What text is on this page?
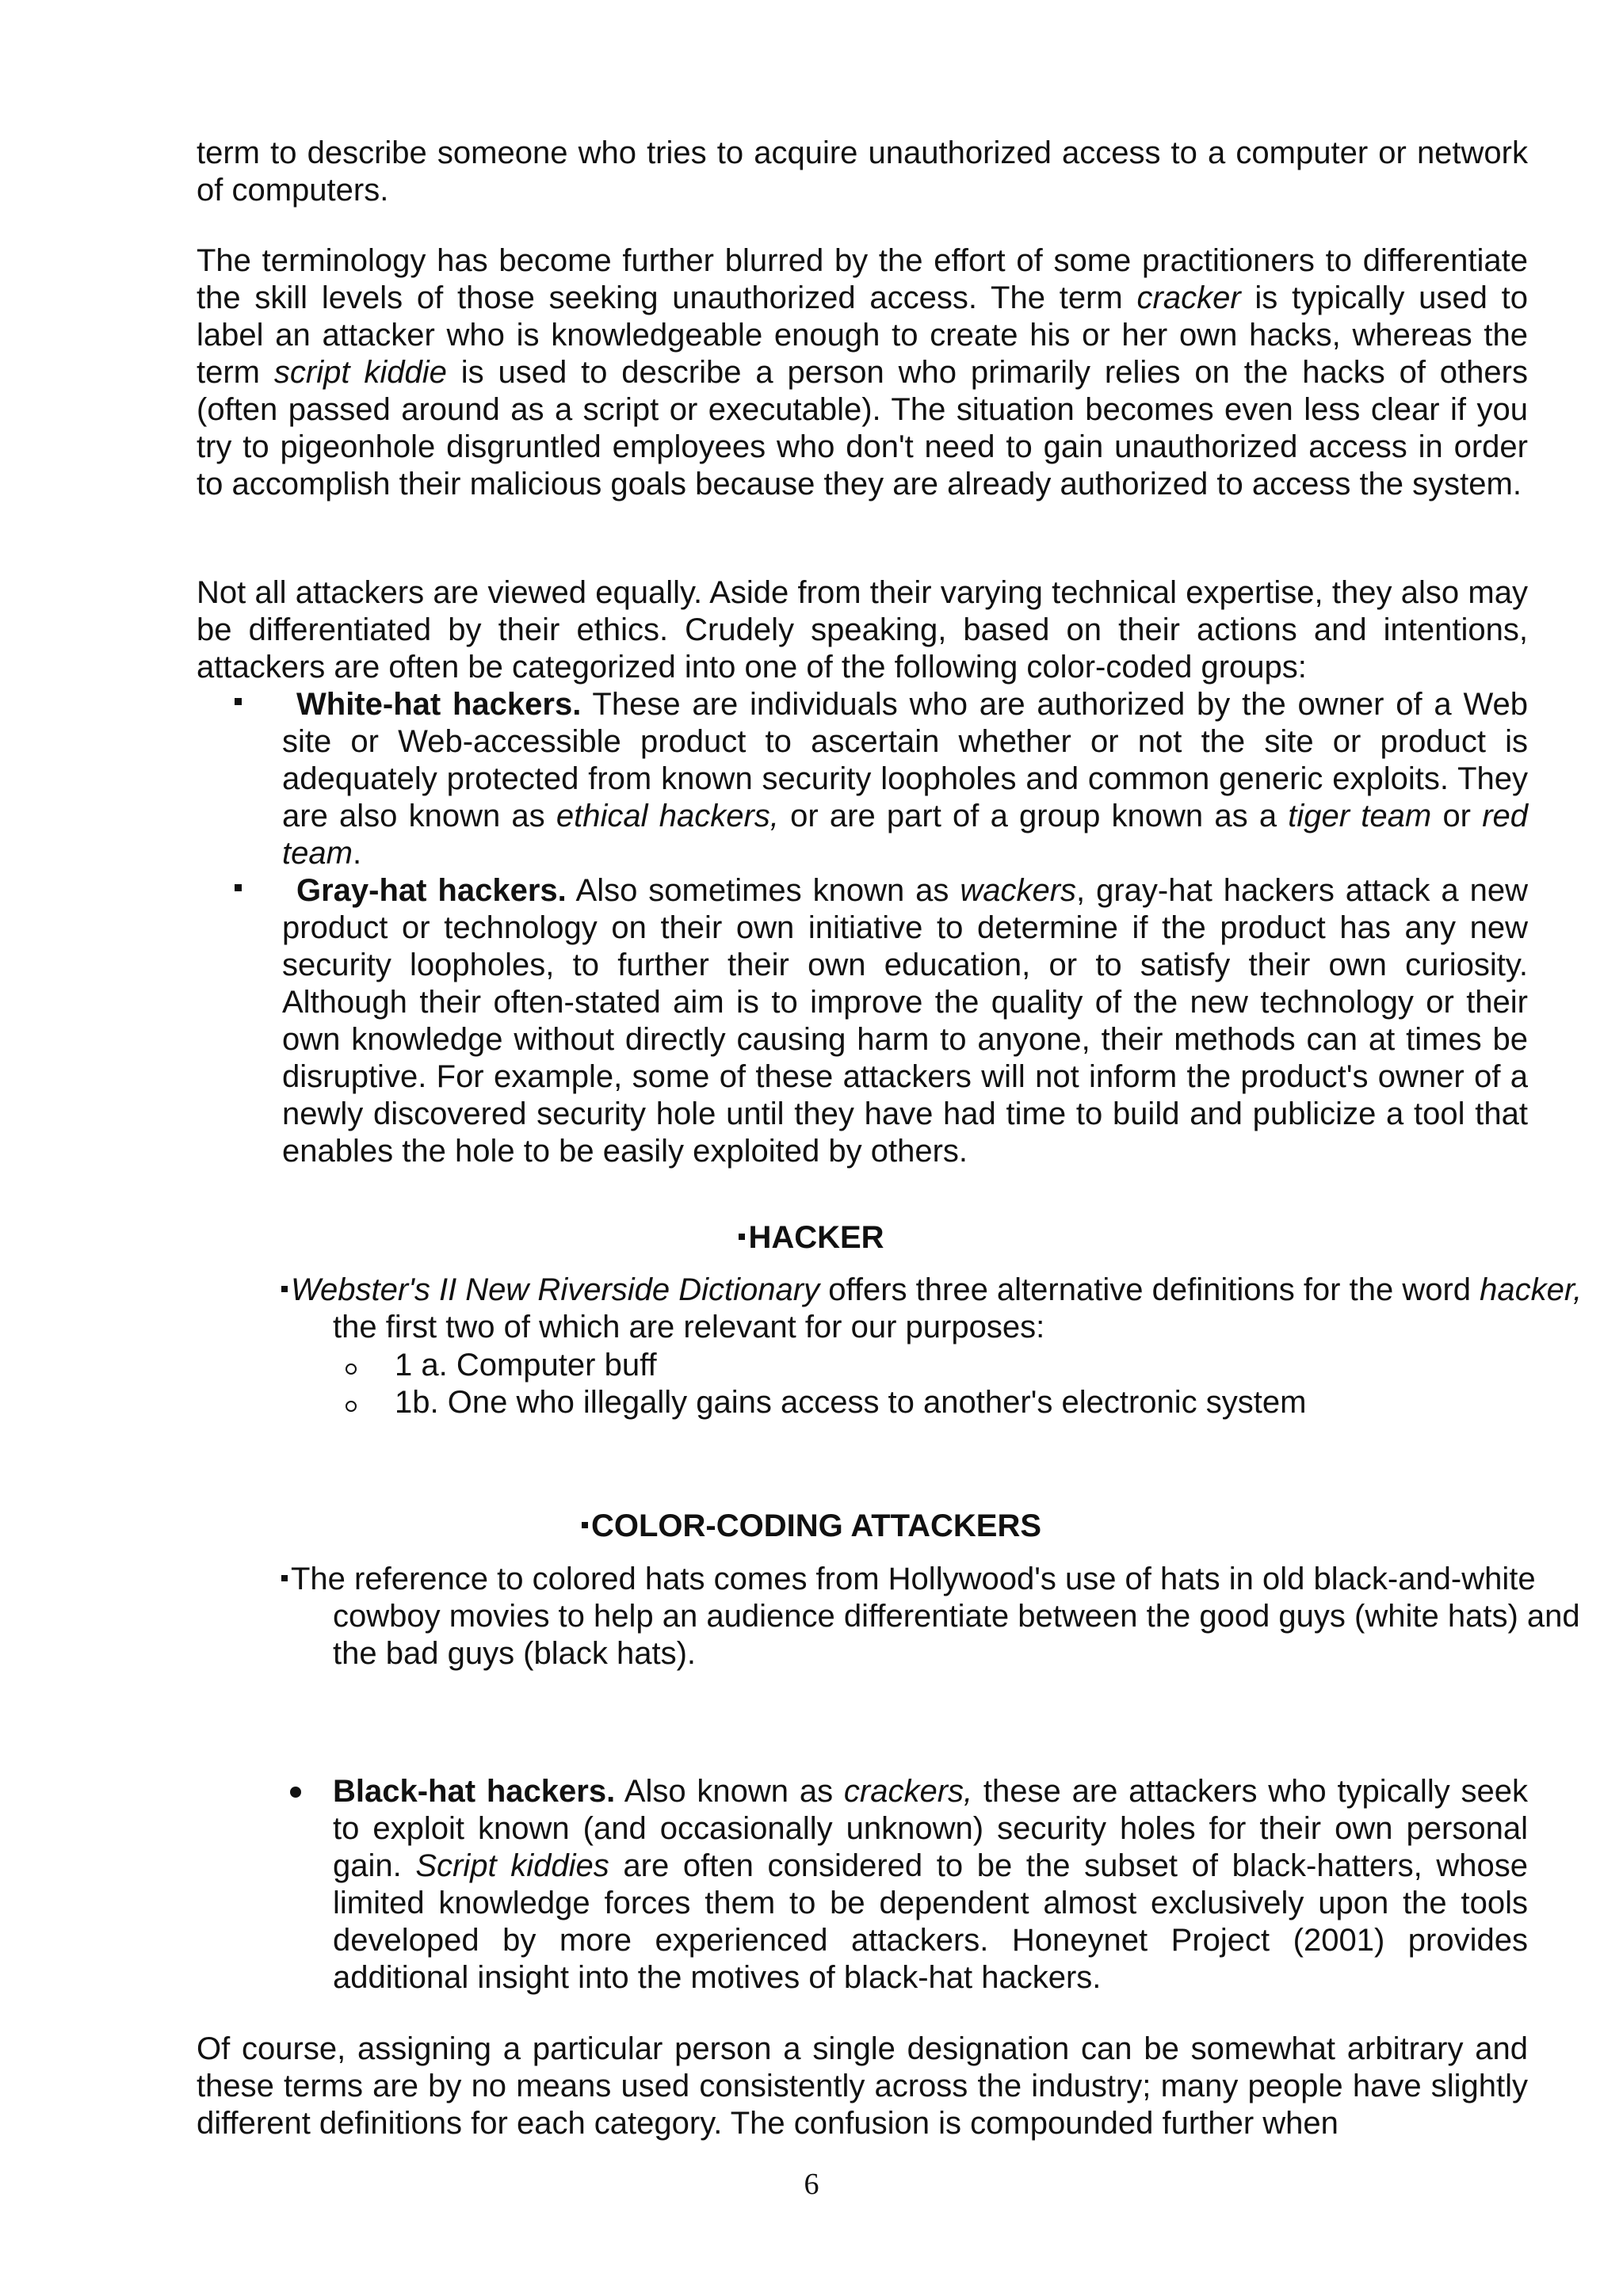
term to describe someone who tries to acquire unauthorized access to a computer or network of computers.

The terminology has become further blurred by the effort of some practitioners to differentiate the skill levels of those seeking unauthorized access. The term cracker is typically used to label an attacker who is knowledgeable enough to create his or her own hacks, whereas the term script kiddie is used to describe a person who primarily relies on the hacks of others (often passed around as a script or executable). The situation becomes even less clear if you try to pigeonhole disgruntled employees who don't need to gain unauthorized access in order to accomplish their malicious goals because they are already authorized to access the system.

Not all attackers are viewed equally. Aside from their varying technical expertise, they also may be differentiated by their ethics. Crudely speaking, based on their actions and intentions, attackers are often be categorized into one of the following color-coded groups:

White-hat hackers. These are individuals who are authorized by the owner of a Web site or Web-accessible product to ascertain whether or not the site or product is adequately protected from known security loopholes and common generic exploits. They are also known as ethical hackers, or are part of a group known as a tiger team or red team.
Gray-hat hackers. Also sometimes known as wackers, gray-hat hackers attack a new product or technology on their own initiative to determine if the product has any new security loopholes, to further their own education, or to satisfy their own curiosity. Although their often-stated aim is to improve the quality of the new technology or their own knowledge without directly causing harm to anyone, their methods can at times be disruptive. For example, some of these attackers will not inform the product's owner of a newly discovered security hole until they have had time to build and publicize a tool that enables the hole to be easily exploited by others.

HACKER

Webster's II New Riverside Dictionary offers three alternative definitions for the word hacker, the first two of which are relevant for our purposes:

1 a. Computer buff
1b. One who illegally gains access to another's electronic system

COLOR-CODING ATTACKERS

The reference to colored hats comes from Hollywood's use of hats in old black-and-white cowboy movies to help an audience differentiate between the good guys (white hats) and the bad guys (black hats).

Black-hat hackers. Also known as crackers, these are attackers who typically seek to exploit known (and occasionally unknown) security holes for their own personal gain. Script kiddies are often considered to be the subset of black-hatters, whose limited knowledge forces them to be dependent almost exclusively upon the tools developed by more experienced attackers. Honeynet Project (2001) provides additional insight into the motives of black-hat hackers.

Of course, assigning a particular person a single designation can be somewhat arbitrary and these terms are by no means used consistently across the industry; many people have slightly different definitions for each category. The confusion is compounded further when

6
